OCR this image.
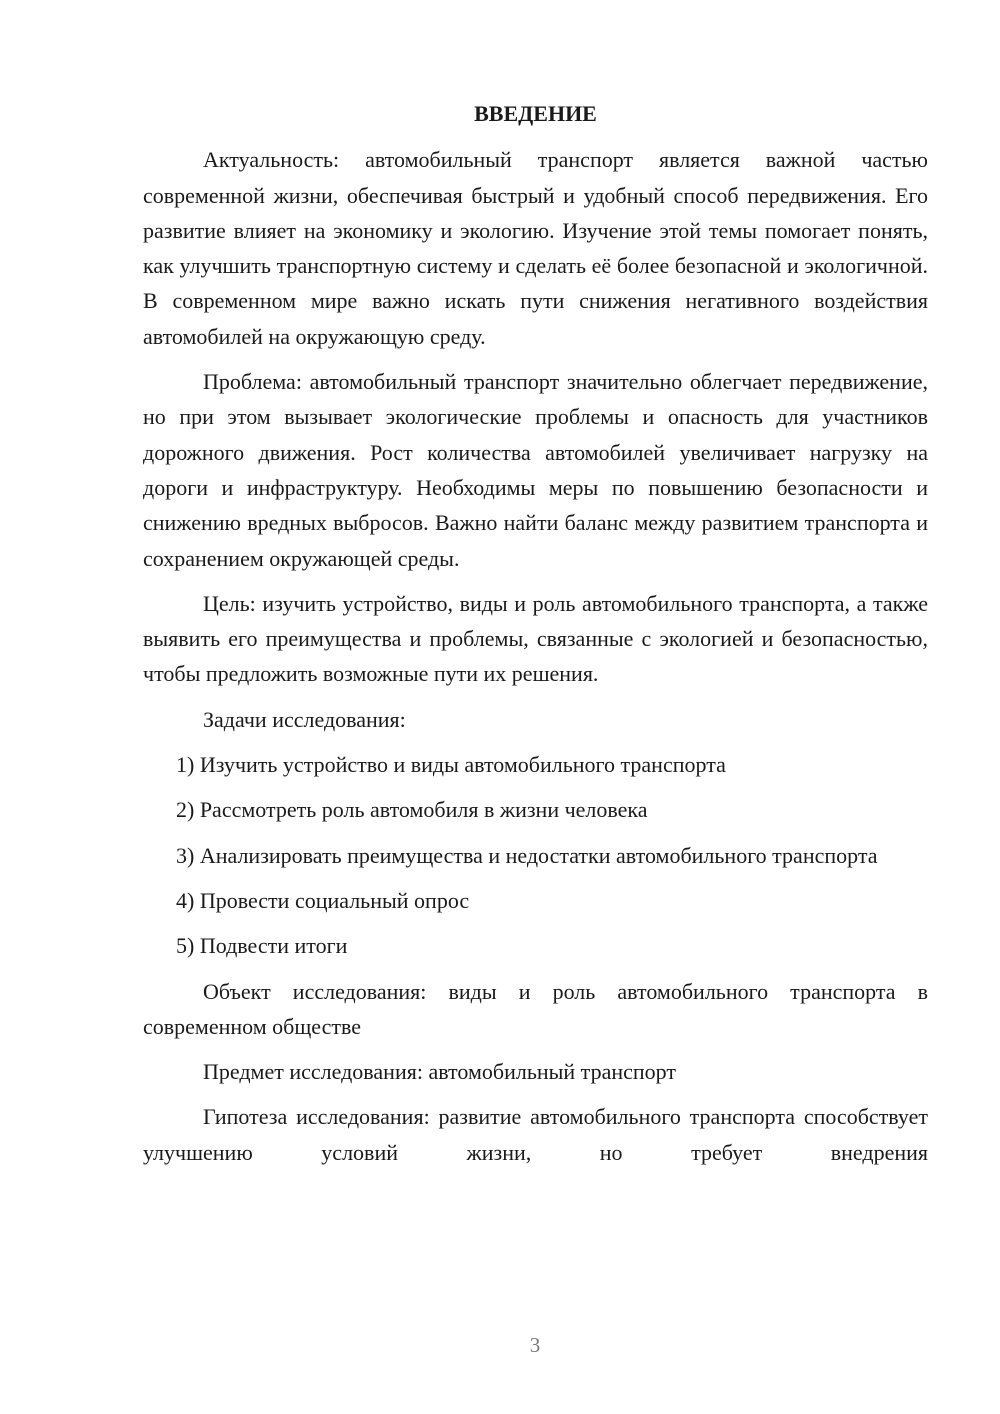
ВВЕДЕНИЕ

Актуальность: автомобильный транспорт является важной частью современной жизни, обеспечивая быстрый и удобный способ передвижения. Его развитие влияет на экономику и экологию. Изучение этой темы помогает понять, как улучшить транспортную систему и сделать её более безопасной и экологичной. В современном мире важно искать пути снижения негативного воздействия автомобилей на окружающую среду.

Проблема: автомобильный транспорт значительно облегчает передвижение, но при этом вызывает экологические проблемы и опасность для участников дорожного движения. Рост количества автомобилей увеличивает нагрузку на дороги и инфраструктуру. Необходимы меры по повышению безопасности и снижению вредных выбросов. Важно найти баланс между развитием транспорта и сохранением окружающей среды.

Цель: изучить устройство, виды и роль автомобильного транспорта, а также выявить его преимущества и проблемы, связанные с экологией и безопасностью, чтобы предложить возможные пути их решения.

Задачи исследования:

1) Изучить устройство и виды автомобильного транспорта

2) Рассмотреть роль автомобиля в жизни человека

3) Анализировать преимущества и недостатки автомобильного транспорта

4) Провести социальный опрос

5) Подвести итоги

Объект исследования: виды и роль автомобильного транспорта в современном обществе

Предмет исследования: автомобильный транспорт

Гипотеза исследования: развитие автомобильного транспорта способствует улучшению условий жизни, но требует внедрения

3
